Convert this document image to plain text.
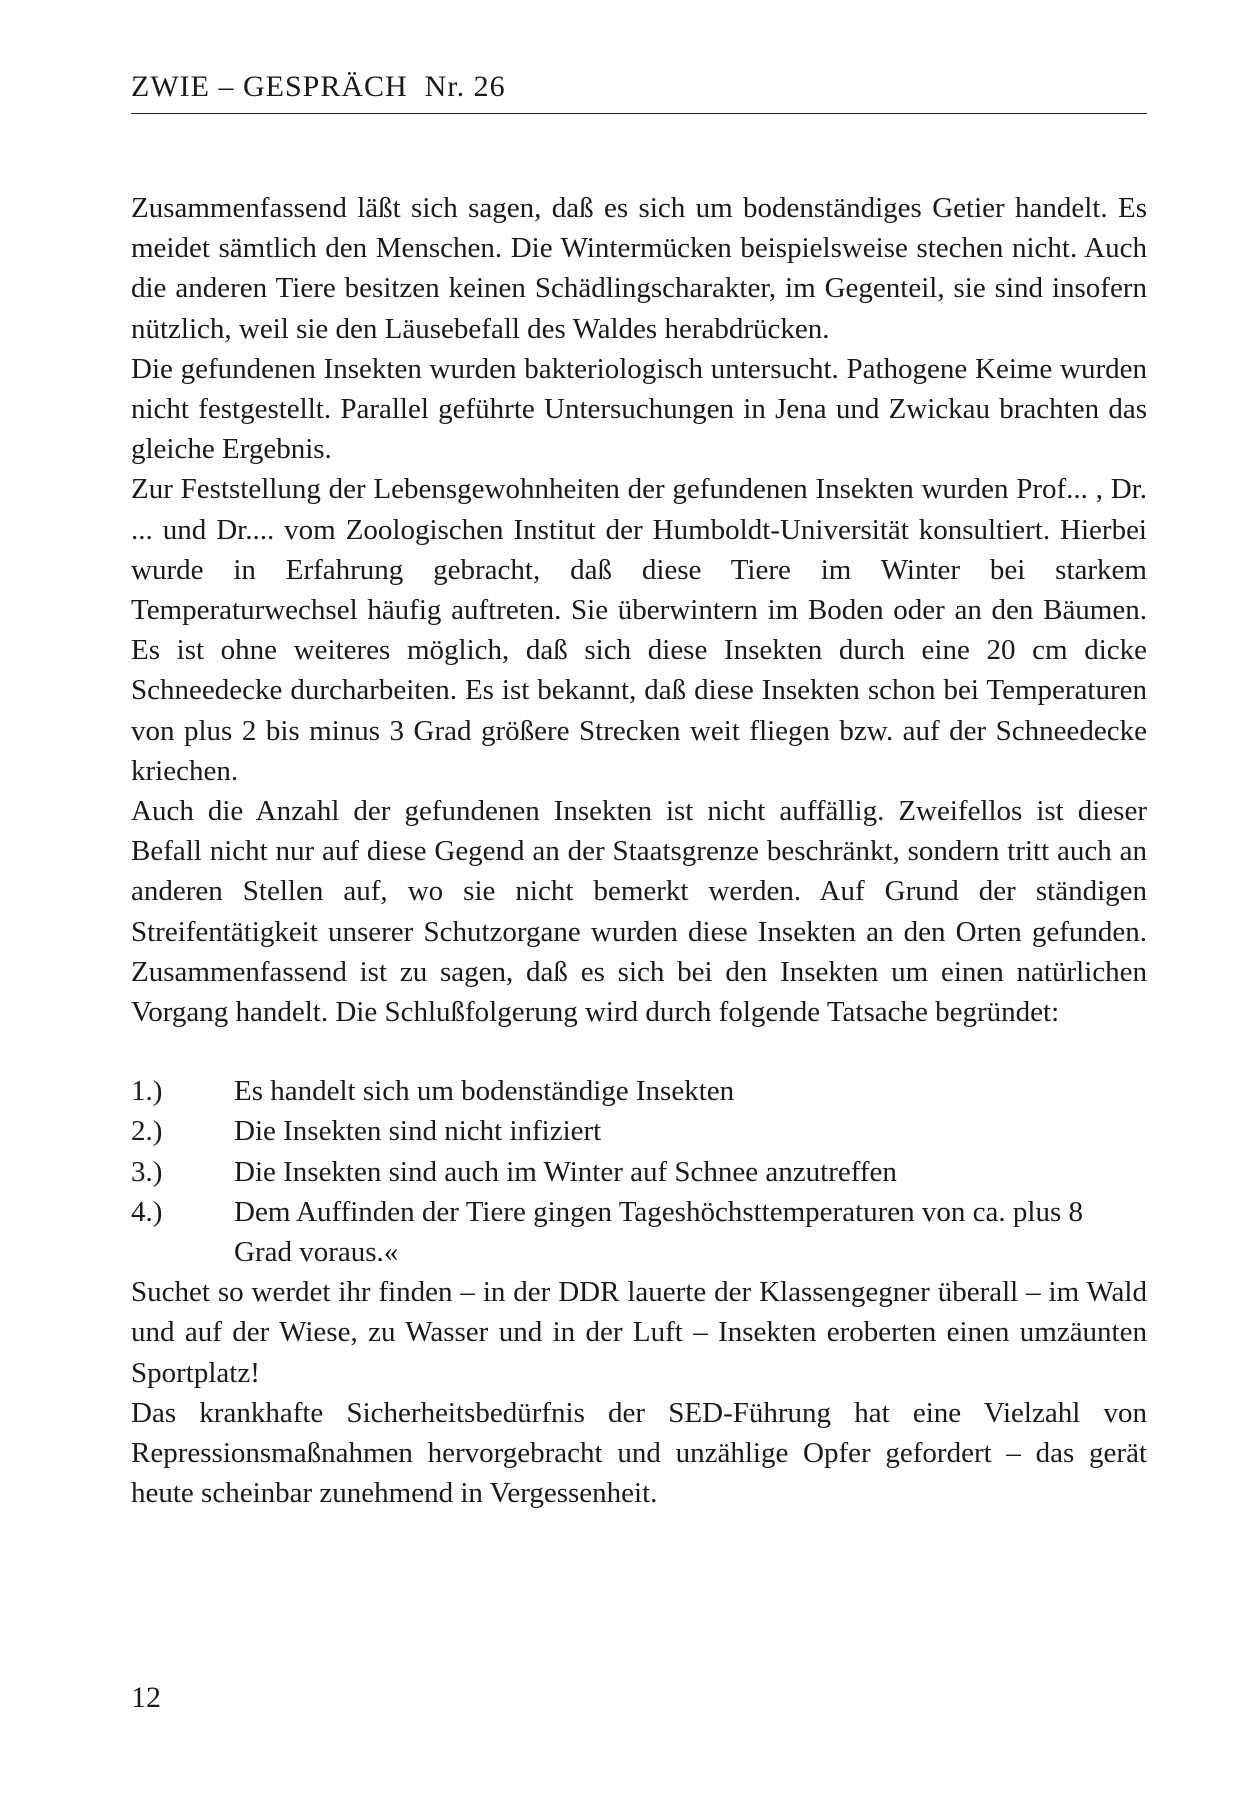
ZWIE – GESPRÄCH Nr. 26

Zusammenfassend läßt sich sagen, daß es sich um bodenständiges Getier handelt. Es meidet sämtlich den Menschen. Die Wintermücken beispielsweise stechen nicht. Auch die anderen Tiere besitzen keinen Schädlingscharakter, im Gegenteil, sie sind insofern nützlich, weil sie den Läusebefall des Waldes herabdrücken.

Die gefundenen Insekten wurden bakteriologisch untersucht. Pathogene Keime wurden nicht festgestellt. Parallel geführte Untersuchungen in Jena und Zwickau brachten das gleiche Ergebnis.

Zur Feststellung der Lebensgewohnheiten der gefundenen Insekten wurden Prof... , Dr. ... und Dr.... vom Zoologischen Institut der Humboldt-Universität konsultiert. Hierbei wurde in Erfahrung gebracht, daß diese Tiere im Winter bei starkem Temperaturwechsel häufig auftreten. Sie überwintern im Boden oder an den Bäumen. Es ist ohne weiteres möglich, daß sich diese Insekten durch eine 20 cm dicke Schneedecke durcharbeiten. Es ist bekannt, daß diese Insekten schon bei Temperaturen von plus 2 bis minus 3 Grad größere Strecken weit fliegen bzw. auf der Schneedecke kriechen.

Auch die Anzahl der gefundenen Insekten ist nicht auffällig. Zweifellos ist dieser Befall nicht nur auf diese Gegend an der Staatsgrenze beschränkt, sondern tritt auch an anderen Stellen auf, wo sie nicht bemerkt werden. Auf Grund der ständigen Streifentätigkeit unserer Schutzorgane wurden diese Insekten an den Orten gefunden. Zusammenfassend ist zu sagen, daß es sich bei den Insekten um einen natürlichen Vorgang handelt. Die Schlußfolgerung wird durch folgende Tatsache begründet:

1.)	Es handelt sich um bodenständige Insekten
2.)	Die Insekten sind nicht infiziert
3.)	Die Insekten sind auch im Winter auf Schnee anzutreffen
4.)	Dem Auffinden der Tiere gingen Tageshöchsttemperaturen von ca. plus 8 Grad voraus.«

Suchet so werdet ihr finden – in der DDR lauerte der Klassengegner überall – im Wald und auf der Wiese, zu Wasser und in der Luft – Insekten eroberten einen umzäunten Sportplatz!

Das krankhafte Sicherheitsbedürfnis der SED-Führung hat eine Vielzahl von Repressionsmaßnahmen hervorgebracht und unzählige Opfer gefordert – das gerät heute scheinbar zunehmend in Vergessenheit.

12
